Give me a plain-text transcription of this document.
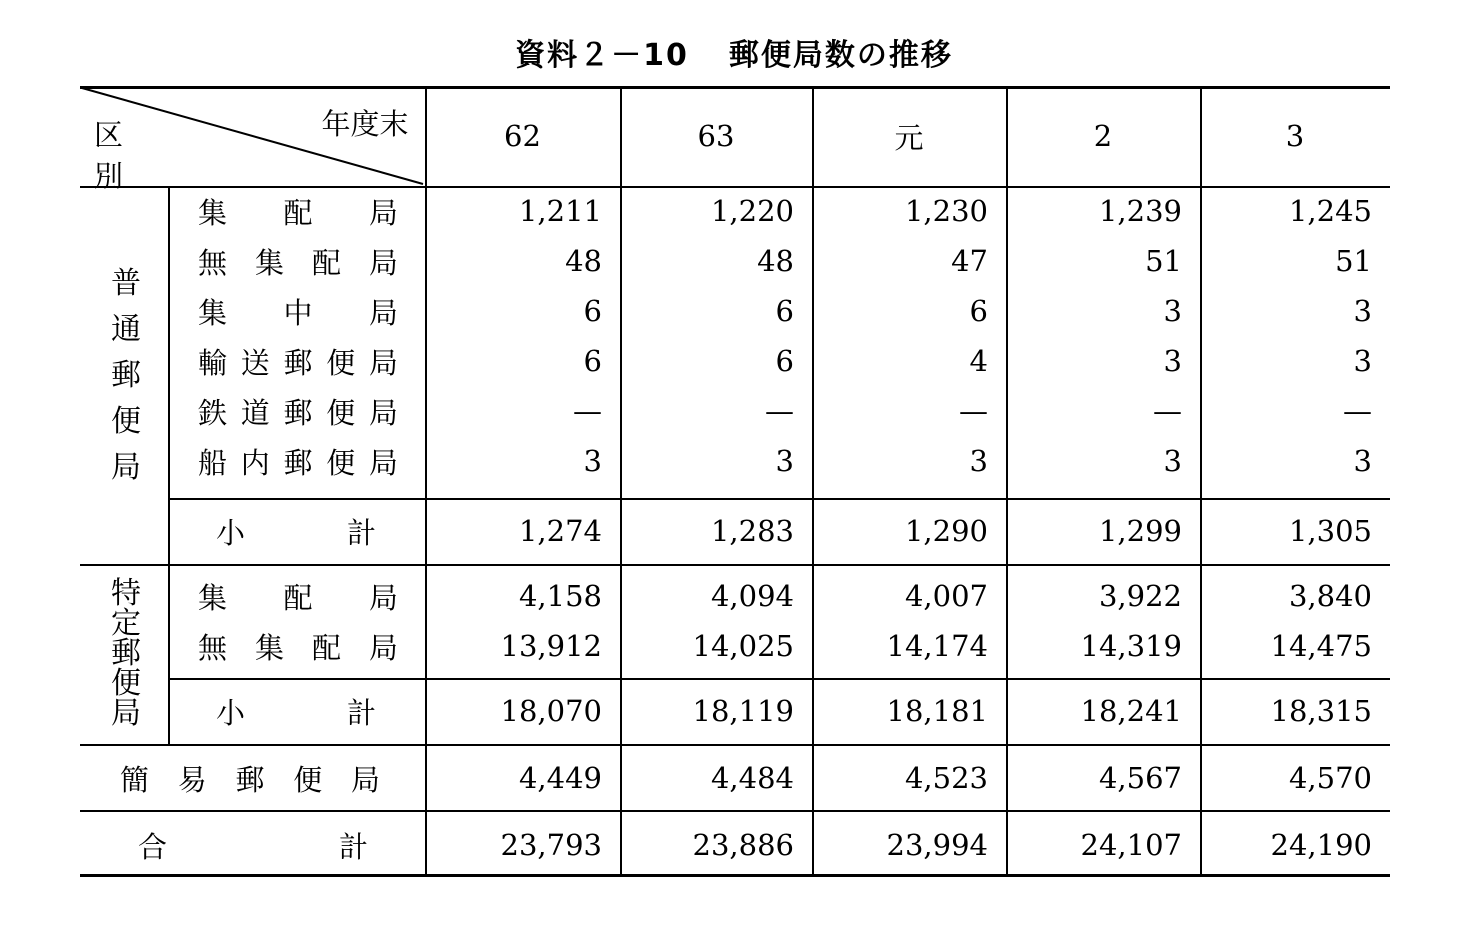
資料２－10 郵便局数の推移
年度末
区 別
62	63	元	2	3
普
通
郵
便
局
特
定
郵
便
局
集 配 局	1,211	1,220	1,230	1,239	1,245
無 集 配 局	48	48	47	51	51
集 中 局	6	6	6	3	3
輸 送 郵 便 局	6	6	4	3	3
鉄 道 郵 便 局	—	—	—	—	—
船 内 郵 便 局	3	3	3	3	3
小	計	1,274	1,283	1,290	1,299	1,305
集 配 局	4,158	4,094	4,007	3,922	3,840
無 集 配 局	13,912	14,025	14,174	14,319	14,475
小	計	18,070	18,119	18,181	18,241	18,315
簡 易 郵 便 局	4,449	4,484	4,523	4,567	4,570
合	計	23,793	23,886	23,994	24,107	24,190
